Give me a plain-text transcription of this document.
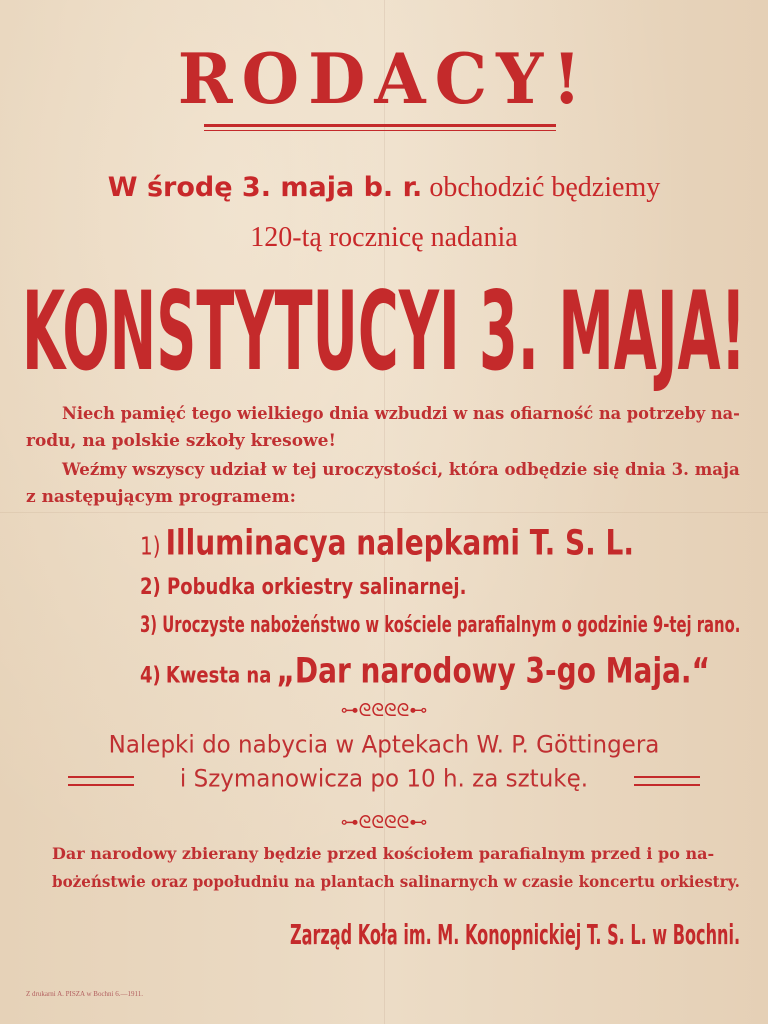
RODACY!
W środę 3. maja b. r. obchodzić będziemy
120-tą rocznicę nadania
KONSTYTUCYI 3. MAJA!
Niech pamięć tego wielkiego dnia wzbudzi w nas ofiarność na potrzeby na-
rodu, na polskie szkoły kresowe!
Weźmy wszyscy udział w tej uroczystości, która odbędzie się dnia 3. maja
z następującym programem:
1) Illuminacya nalepkami T. S. L.
2) Pobudka orkiestry salinarnej.
3) Uroczyste nabożeństwo w kościele parafialnym o godzinie 9-tej rano.
4) Kwesta na „Dar narodowy 3-go Maja.“
⊶ᘓᘓᘓᘓ⊷
Nalepki do nabycia w Aptekach W. P. Göttingera
i Szymanowicza po 10 h. za sztukę.
⊶ᘓᘓᘓᘓ⊷
Dar narodowy zbierany będzie przed kościołem parafialnym przed i po na-
bożeństwie oraz popołudniu na plantach salinarnych w czasie koncertu orkiestry.
Zarząd Koła im. M. Konopnickiej T. S. L. w Bochni.
Z drukarni A. PISZA w Bochni 6.—1911.
